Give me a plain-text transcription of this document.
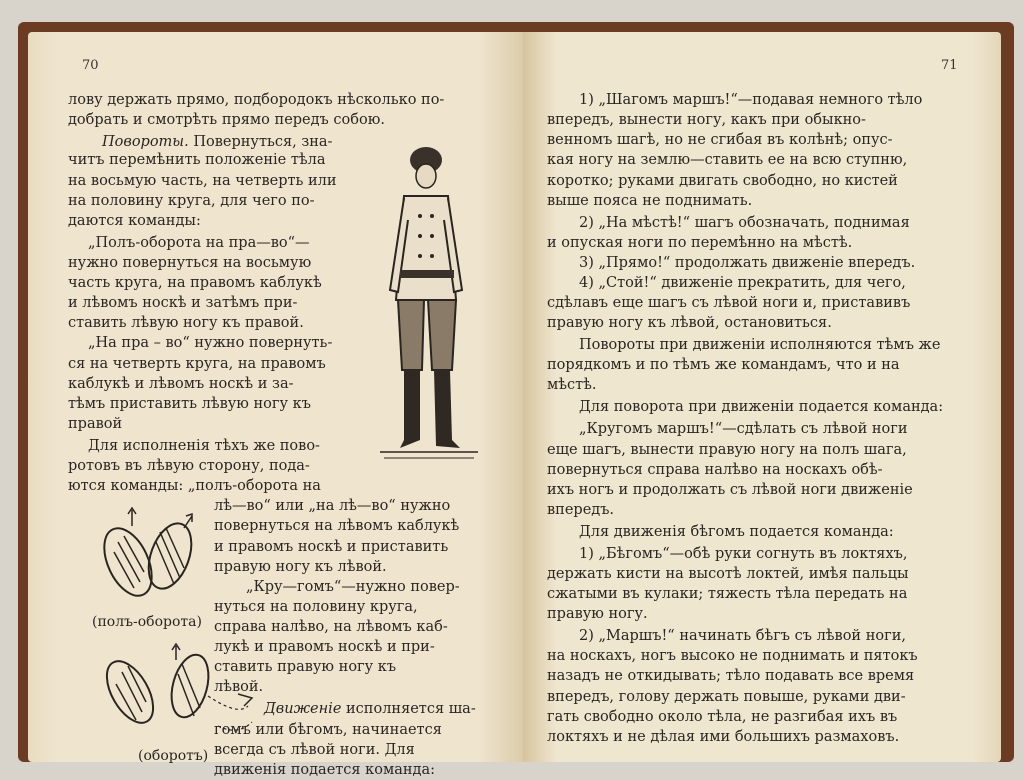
70
лову держать прямо, подбородокъ нѣсколько по-
добрать и смотрѣть прямо передъ собою.
Повороты. Повернуться, зна-
читъ перемѣнить положенiе тѣла
на восьмую часть, на четверть или
на половину круга, для чего по-
даются команды:
„Полъ-оборота на пра—во“—
нужно повернуться на восьмую
часть круга, на правомъ каблукѣ
и лѣвомъ носкѣ и затѣмъ при-
ставить лѣвую ногу къ правой.
„На пра – во“ нужно повернуть-
ся на четверть круга, на правомъ
каблукѣ и лѣвомъ носкѣ и за-
тѣмъ приставить лѣвую ногу къ
правой
Для исполненiя тѣхъ же пово-
ротовъ въ лѣвую сторону, пода-
ются команды: „полъ-оборота на
лѣ—во“ или „на лѣ—во“ нужно
повернуться на лѣвомъ каблукѣ
и правомъ носкѣ и приставить
правую ногу къ лѣвой.
„Кру—гомъ“—нужно повер-
нуться на половину круга,
справа налѣво, на лѣвомъ каб-
лукѣ и правомъ носкѣ и при-
ставить правую ногу къ
лѣвой.
Движенiе исполняется ша-
гомъ или бѣгомъ, начинается
всегда съ лѣвой ноги. Для
движенiя подается команда:
(полъ-оборота)
(оборотъ)
71
1) „Шагомъ маршъ!“—подавая немного тѣло
впередъ, вынести ногу, какъ при обыкно-
венномъ шагѣ, но не сгибая въ колѣнѣ; опус-
кая ногу на землю—ставить ее на всю ступню,
коротко; руками двигать свободно, но кистей
выше пояса не поднимать.
2) „На мѣстѣ!“ шагъ обозначать, поднимая
и опуская ноги по перемѣнно на мѣстѣ.
3) „Прямо!“ продолжать движенiе впередъ.
4) „Стой!“ движенiе прекратить, для чего,
сдѣлавъ еще шагъ съ лѣвой ноги и, приставивъ
правую ногу къ лѣвой, остановиться.
Повороты при движенiи исполняются тѣмъ же
порядкомъ и по тѣмъ же командамъ, что и на
мѣстѣ.
Для поворота при движенiи подается команда:
„Кругомъ маршъ!“—сдѣлать съ лѣвой ноги
еще шагъ, вынести правую ногу на полъ шага,
повернуться справа налѣво на носкахъ обѣ-
ихъ ногъ и продолжать съ лѣвой ноги движенiе
впередъ.
Для движенiя бѣгомъ подается команда:
1) „Бѣгомъ“—обѣ руки согнуть въ локтяхъ,
держать кисти на высотѣ локтей, имѣя пальцы
сжатыми въ кулаки; тяжесть тѣла передать на
правую ногу.
2) „Маршъ!“ начинать бѣгъ съ лѣвой ноги,
на носкахъ, ногъ высоко не поднимать и пятокъ
назадъ не откидывать; тѣло подавать все время
впередъ, голову держать повыше, руками дви-
гать свободно около тѣла, не разгибая ихъ въ
локтяхъ и не дѣлая ими большихъ размаховъ.
